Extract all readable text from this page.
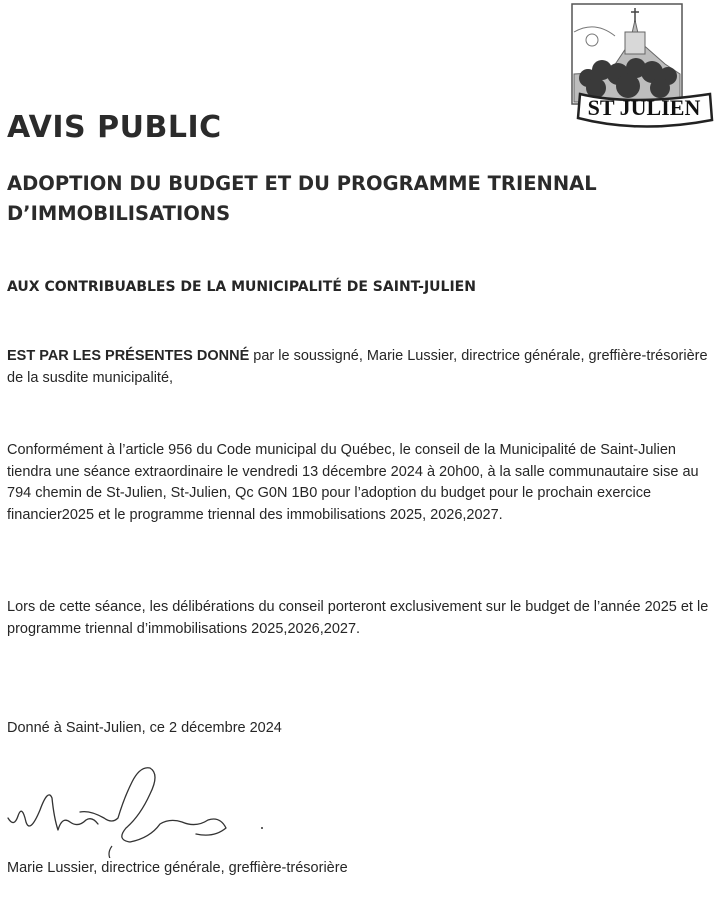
ST JULIEN
AVIS PUBLIC
ADOPTION DU BUDGET ET DU PROGRAMME TRIENNAL
D’IMMOBILISATIONS

AUX CONTRIBUABLES DE LA MUNICIPALITÉ DE SAINT-JULIEN

EST PAR LES PRÉSENTES DONNÉ par le soussigné, Marie Lussier, directrice générale, greffière-trésorière de la susdite municipalité,

Conformément à l’article 956 du Code municipal du Québec, le conseil de la Municipalité de Saint-Julien tiendra une séance extraordinaire le vendredi 13 décembre 2024 à 20h00, à la salle communautaire sise au 794 chemin de St-Julien, St-Julien, Qc G0N 1B0 pour l’adoption du budget pour le prochain exercice financier2025 et le programme triennal des immobilisations 2025, 2026,2027.

Lors de cette séance, les délibérations du conseil porteront exclusivement sur le budget de l’année 2025 et le programme triennal d’immobilisations 2025,2026,2027.

Donné à Saint-Julien, ce 2 décembre 2024

Marie Lussier, directrice générale, greffière-trésorière
